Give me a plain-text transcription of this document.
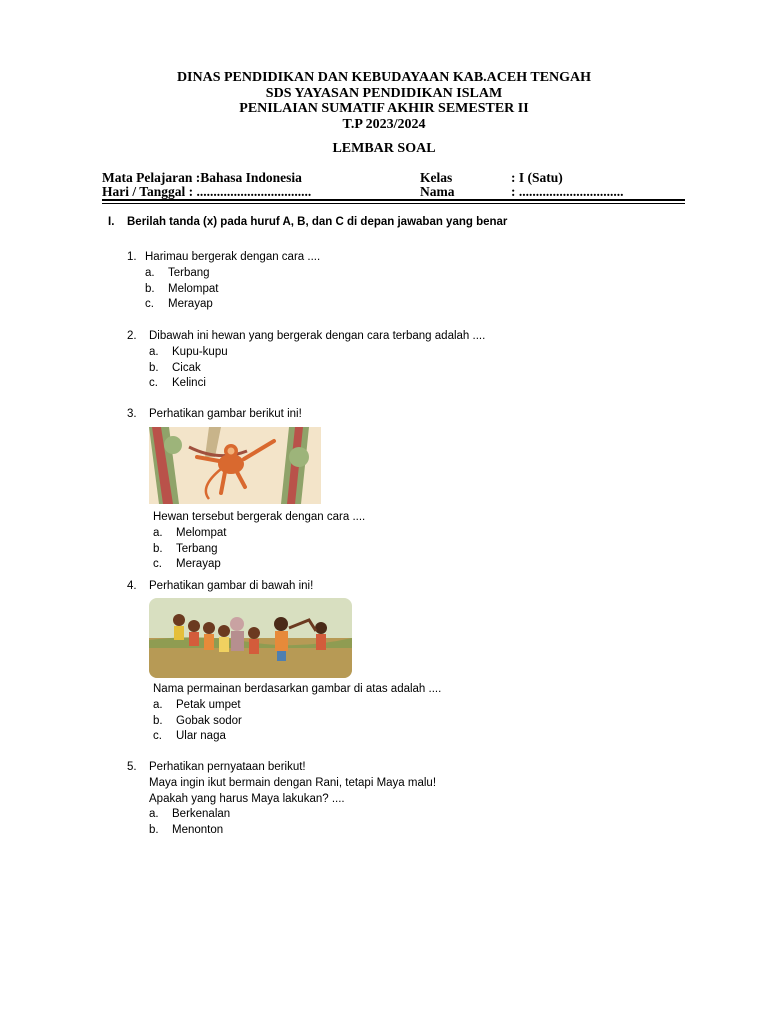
DINAS PENDIDIKAN DAN KEBUDAYAAN KAB.ACEH TENGAH
SDS YAYASAN PENDIDIKAN ISLAM
PENILAIAN SUMATIF AKHIR SEMESTER II
T.P 2023/2024
LEMBAR SOAL
Mata Pelajaran :Bahasa Indonesia
Hari / Tanggal : ..................................
Kelas	: I (Satu)
Nama	: ...............................
I. Berilah tanda (x) pada huruf A, B, dan C di depan jawaban yang benar
1. Harimau bergerak dengan cara ....
a. Terbang
b. Melompat
c. Merayap
2. Dibawah ini hewan yang bergerak dengan cara terbang adalah ....
a. Kupu-kupu
b. Cicak
c. Kelinci
3. Perhatikan gambar berikut ini!
Hewan tersebut bergerak dengan cara ....
a. Melompat
b. Terbang
c. Merayap
4. Perhatikan gambar di bawah ini!
Nama permainan berdasarkan gambar di atas adalah ....
a. Petak umpet
b. Gobak sodor
c. Ular naga
5. Perhatikan pernyataan berikut!
Maya ingin ikut bermain dengan Rani, tetapi Maya malu!
Apakah yang harus Maya lakukan? ....
a. Berkenalan
b. Menonton
